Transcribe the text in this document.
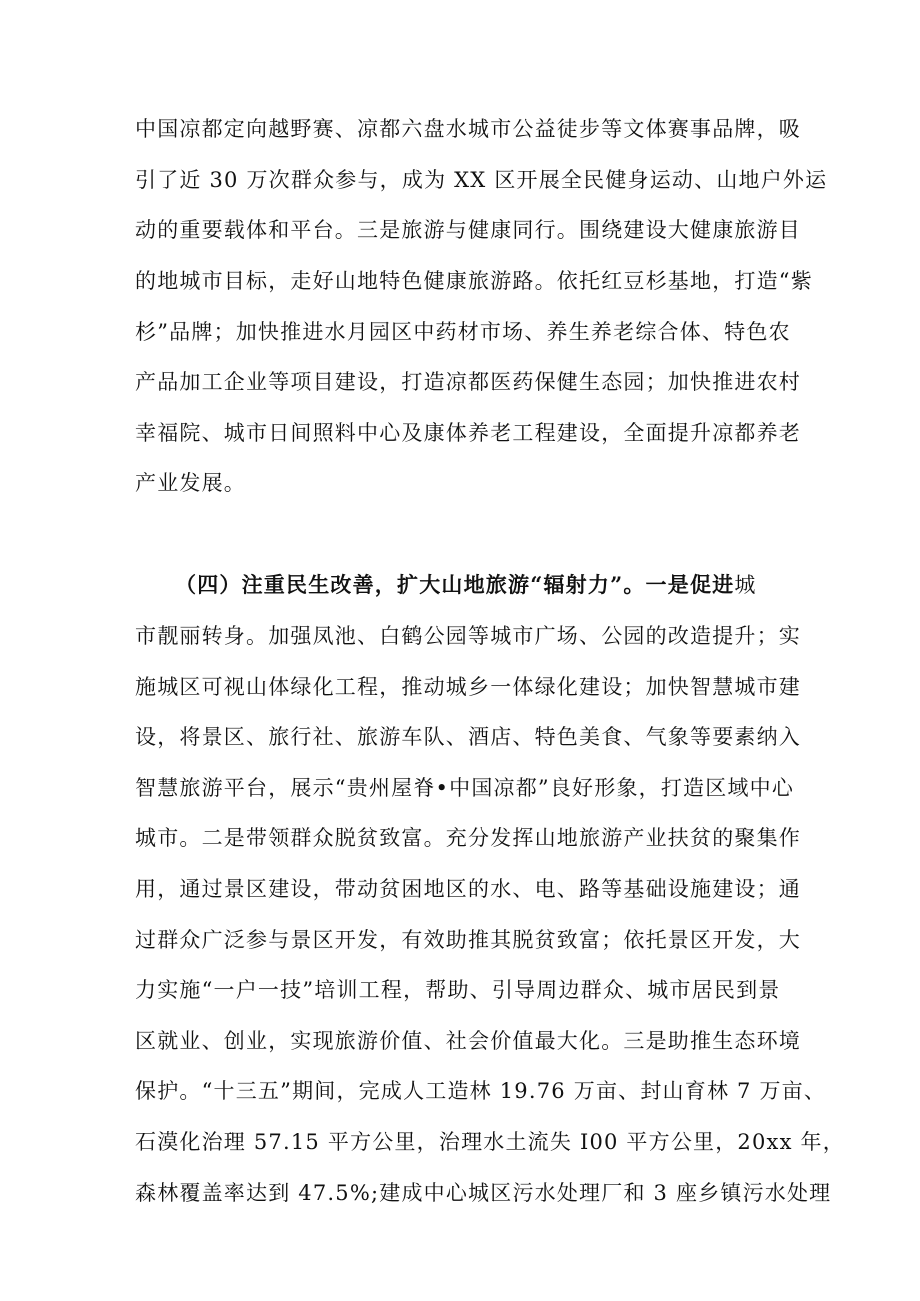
中国凉都定向越野赛、凉都六盘水城市公益徒步等文体赛事品牌，吸
引了近 30 万次群众参与，成为 XX 区开展全民健身运动、山地户外运
动的重要载体和平台。三是旅游与健康同行。围绕建设大健康旅游目
的地城市目标，走好山地特色健康旅游路。依托红豆杉基地，打造“紫
杉”品牌；加快推进水月园区中药材市场、养生养老综合体、特色农
产品加工企业等项目建设，打造凉都医药保健生态园；加快推进农村
幸福院、城市日间照料中心及康体养老工程建设，全面提升凉都养老
产业发展。
（四）注重民生改善，扩大山地旅游“辐射力”。一是促进城
市靓丽转身。加强凤池、白鹤公园等城市广场、公园的改造提升；实
施城区可视山体绿化工程，推动城乡一体绿化建设；加快智慧城市建
设，将景区、旅行社、旅游车队、酒店、特色美食、气象等要素纳入
智慧旅游平台，展示“贵州屋脊•中国凉都”良好形象，打造区域中心
城市。二是带领群众脱贫致富。充分发挥山地旅游产业扶贫的聚集作
用，通过景区建设，带动贫困地区的水、电、路等基础设施建设；通
过群众广泛参与景区开发，有效助推其脱贫致富；依托景区开发，大
力实施“一户一技”培训工程，帮助、引导周边群众、城市居民到景
区就业、创业，实现旅游价值、社会价值最大化。三是助推生态环境
保护。“十三五”期间，完成人工造林 19.76 万亩、封山育林 7 万亩、
石漠化治理 57.15 平方公里，治理水土流失 I00 平方公里，20xx 年，
森林覆盖率达到 47.5%;建成中心城区污水处理厂和 3 座乡镇污水处理
